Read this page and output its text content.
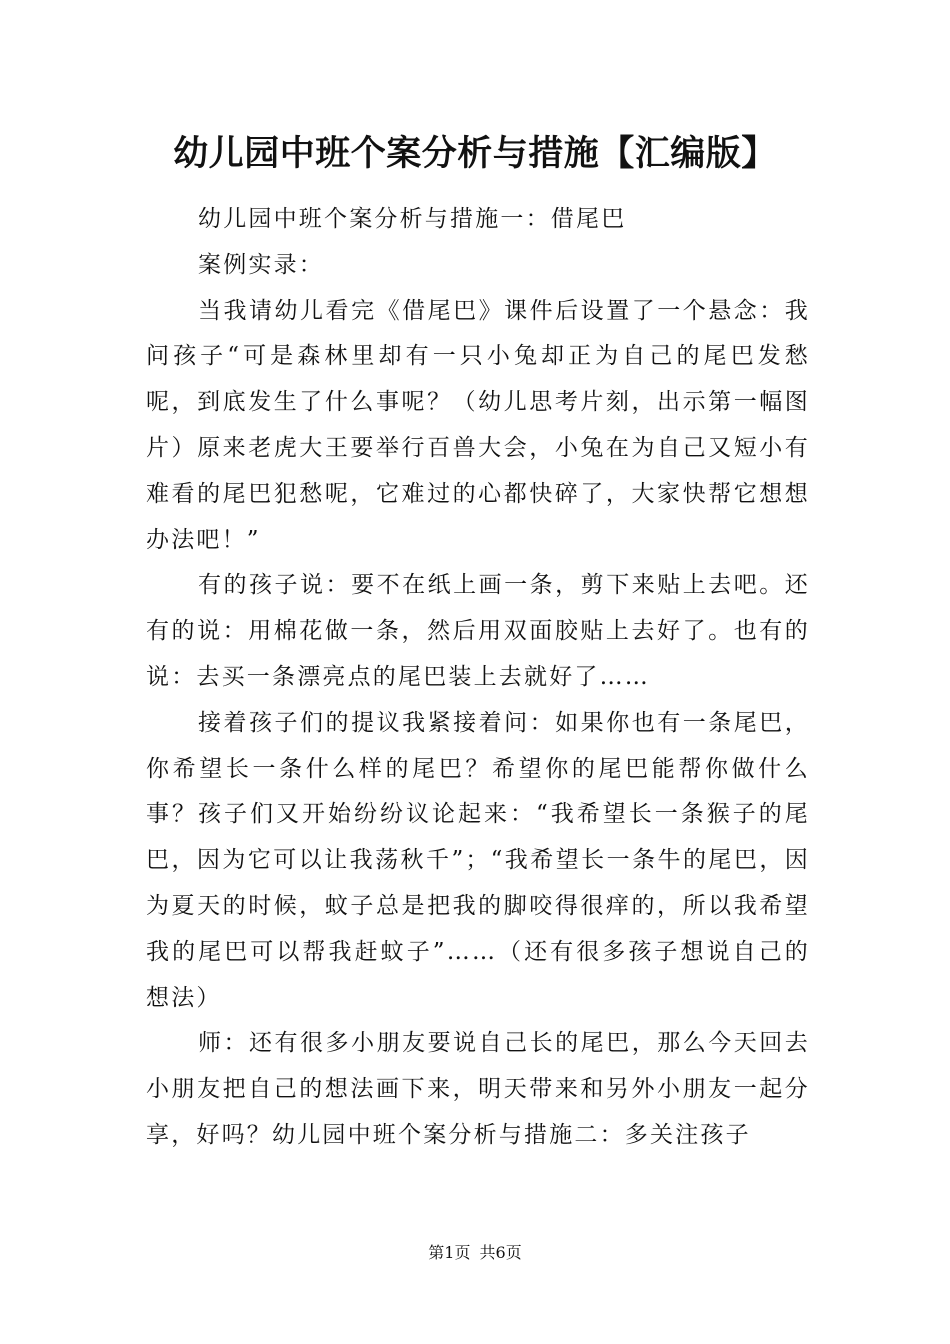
幼儿园中班个案分析与措施【汇编版】

幼儿园中班个案分析与措施一：借尾巴

案例实录：

当我请幼儿看完《借尾巴》课件后设置了一个悬念：我问孩子“可是森林里却有一只小兔却正为自己的尾巴发愁呢，到底发生了什么事呢？（幼儿思考片刻，出示第一幅图片）原来老虎大王要举行百兽大会，小兔在为自己又短小有难看的尾巴犯愁呢，它难过的心都快碎了，大家快帮它想想办法吧！”

有的孩子说：要不在纸上画一条，剪下来贴上去吧。还有的说：用棉花做一条，然后用双面胶贴上去好了。也有的说：去买一条漂亮点的尾巴装上去就好了……

接着孩子们的提议我紧接着问：如果你也有一条尾巴，你希望长一条什么样的尾巴？希望你的尾巴能帮你做什么事？孩子们又开始纷纷议论起来：“我希望长一条猴子的尾巴，因为它可以让我荡秋千”；“我希望长一条牛的尾巴，因为夏天的时候，蚊子总是把我的脚咬得很痒的，所以我希望我的尾巴可以帮我赶蚊子”……（还有很多孩子想说自己的想法）

师：还有很多小朋友要说自己长的尾巴，那么今天回去小朋友把自己的想法画下来，明天带来和另外小朋友一起分享，好吗？幼儿园中班个案分析与措施二：多关注孩子

第1页 共6页
